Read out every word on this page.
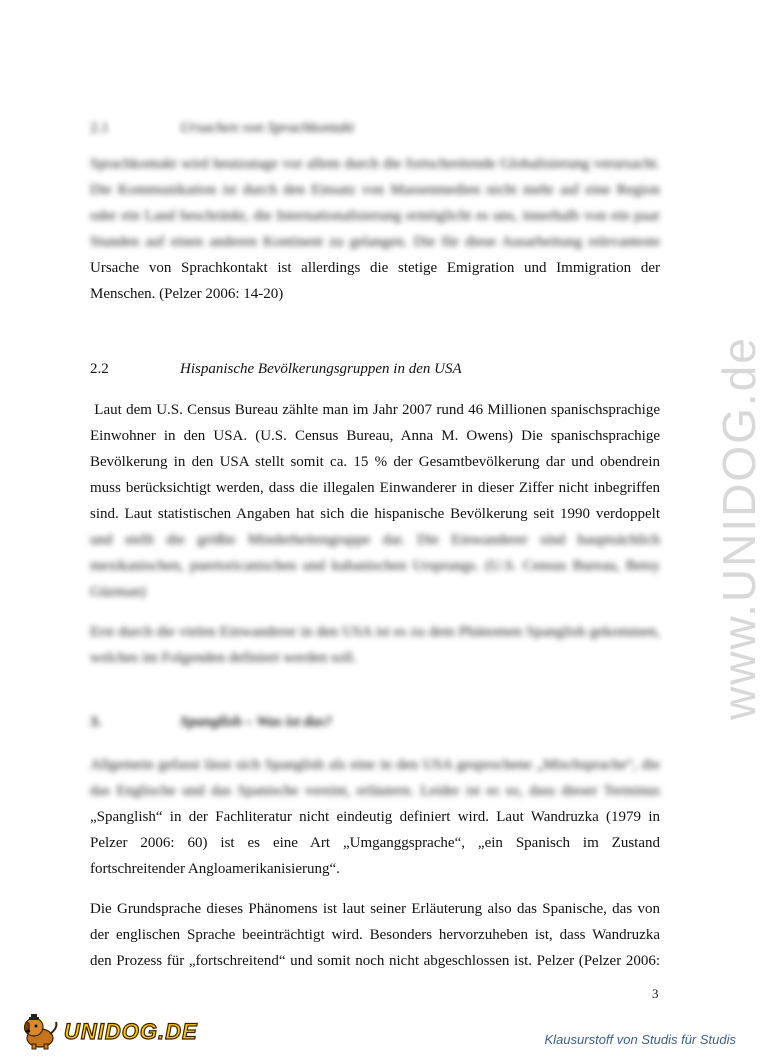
2.1	Ursachen von Sprachkontakt
Sprachkontakt wird heutzutage vor allem durch die fortschreitende Globalisierung verursacht.
Die Kommunikation ist durch den Einsatz von Massenmedien nicht mehr auf eine Region
oder ein Land beschränkt, die Internationalisierung ermöglicht es uns, innerhalb von ein paar
Stunden auf einen anderen Kontinent zu gelangen. Die für diese Ausarbeitung relevanteste
Ursache von Sprachkontakt ist allerdings die stetige Emigration und Immigration der
Menschen. (Pelzer 2006: 14-20)
2.2	Hispanische Bevölkerungsgruppen in den USA
Laut dem U.S. Census Bureau zählte man im Jahr 2007 rund 46 Millionen spanischsprachige
Einwohner in den USA. (U.S. Census Bureau, Anna M. Owens) Die spanischsprachige
Bevölkerung in den USA stellt somit ca. 15 % der Gesamtbevölkerung dar und obendrein
muss berücksichtigt werden, dass die illegalen Einwanderer in dieser Ziffer nicht inbegriffen
sind. Laut statistischen Angaben hat sich die hispanische Bevölkerung seit 1990 verdoppelt
und stellt die größte Minderheitengruppe dar. Die Einwanderer sind hauptsächlich
mexikanischen, puertoricanischen und kubanischen Ursprungs. (U.S. Census Bureau, Betsy
Güzman)
Erst durch die vielen Einwanderer in den USA ist es zu dem Phänomen Spanglish gekommen,
welches im Folgenden definiert werden soll.
3.	Spanglish – Was ist das?
Allgemein gefasst lässt sich Spanglish als eine in den USA gesprochene „Mischsprache“, die
das Englische und das Spanische vereint, erläutern. Leider ist es so, dass dieser Terminus
„Spanglish“ in der Fachliteratur nicht eindeutig definiert wird. Laut Wandruzka (1979 in
Pelzer 2006: 60) ist es eine Art „Umganggsprache“, „ein Spanisch im Zustand
fortschreitender Angloamerikanisierung“.
Die Grundsprache dieses Phänomens ist laut seiner Erläuterung also das Spanische, das von
der englischen Sprache beeinträchtigt wird. Besonders hervorzuheben ist, dass Wandruzka
den Prozess für „fortschreitend“ und somit noch nicht abgeschlossen ist. Pelzer (Pelzer 2006:
3
www.UNIDOG.de
UNIDOG.DE	Klausurstoff von Studis für Studis
